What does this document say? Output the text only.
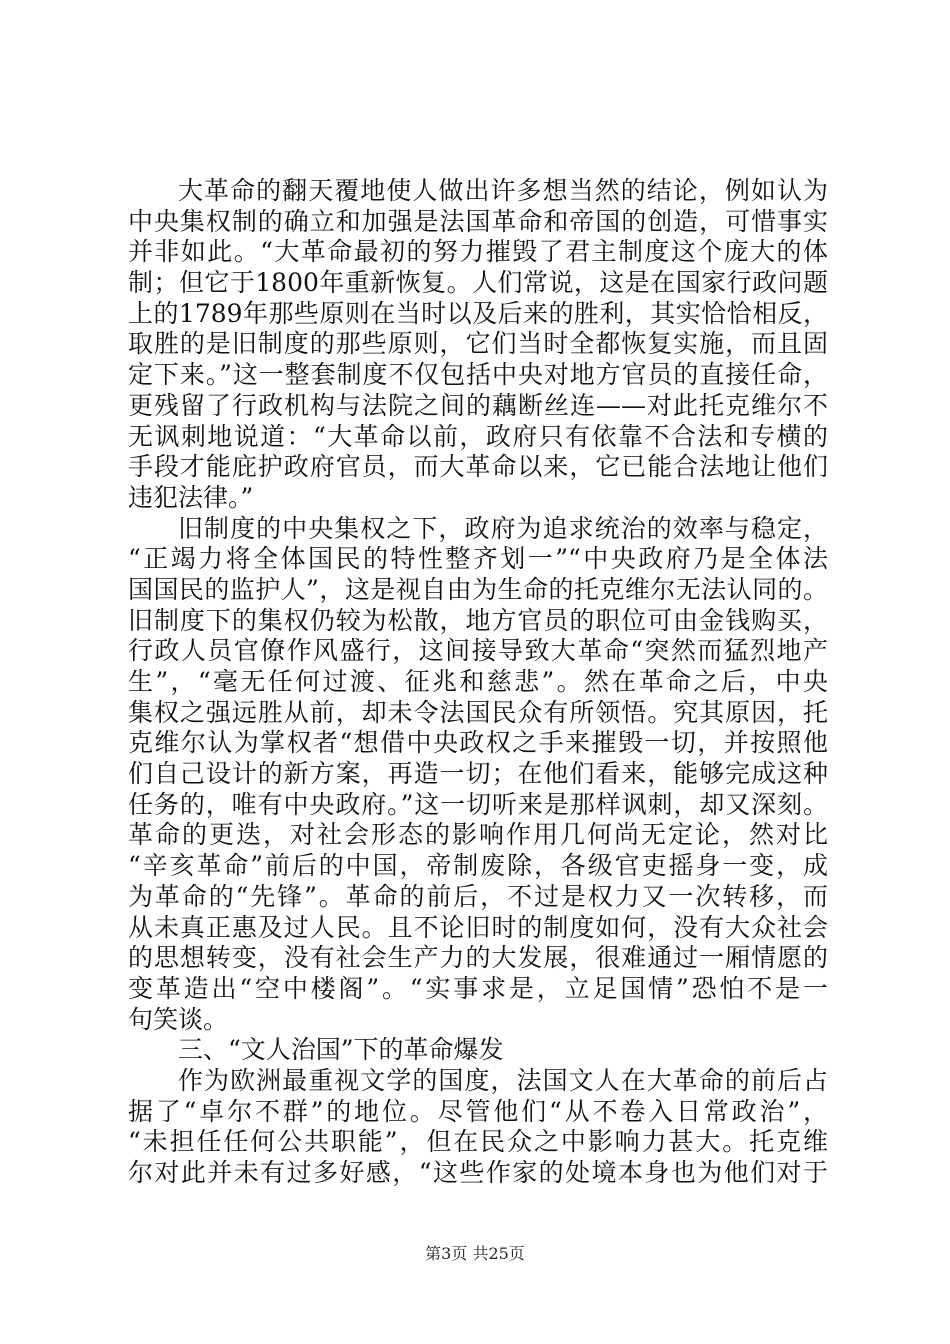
大革命的翻天覆地使人做出许多想当然的结论，例如认为
中央集权制的确立和加强是法国革命和帝国的创造，可惜事实
并非如此。“大革命最初的努力摧毁了君主制度这个庞大的体
制；但它于1800年重新恢复。人们常说，这是在国家行政问题
上的1789年那些原则在当时以及后来的胜利，其实恰恰相反，
取胜的是旧制度的那些原则，它们当时全都恢复实施，而且固
定下来。”这一整套制度不仅包括中央对地方官员的直接任命，
更残留了行政机构与法院之间的藕断丝连——对此托克维尔不
无讽刺地说道：“大革命以前，政府只有依靠不合法和专横的
手段才能庇护政府官员，而大革命以来，它已能合法地让他们
违犯法律。”
旧制度的中央集权之下，政府为追求统治的效率与稳定，
“正竭力将全体国民的特性整齐划一”“中央政府乃是全体法
国国民的监护人”，这是视自由为生命的托克维尔无法认同的。
旧制度下的集权仍较为松散，地方官员的职位可由金钱购买，
行政人员官僚作风盛行，这间接导致大革命“突然而猛烈地产
生”，“毫无任何过渡、征兆和慈悲”。然在革命之后，中央
集权之强远胜从前，却未令法国民众有所领悟。究其原因，托
克维尔认为掌权者“想借中央政权之手来摧毁一切，并按照他
们自己设计的新方案，再造一切；在他们看来，能够完成这种
任务的，唯有中央政府。”这一切听来是那样讽刺，却又深刻。
革命的更迭，对社会形态的影响作用几何尚无定论，然对比
“辛亥革命”前后的中国，帝制废除，各级官吏摇身一变，成
为革命的“先锋”。革命的前后，不过是权力又一次转移，而
从未真正惠及过人民。且不论旧时的制度如何，没有大众社会
的思想转变，没有社会生产力的大发展，很难通过一厢情愿的
变革造出“空中楼阁”。“实事求是，立足国情”恐怕不是一
句笑谈。
三、“文人治国”下的革命爆发
作为欧洲最重视文学的国度，法国文人在大革命的前后占
据了“卓尔不群”的地位。尽管他们“从不卷入日常政治”，
“未担任任何公共职能”，但在民众之中影响力甚大。托克维
尔对此并未有过多好感，“这些作家的处境本身也为他们对于
第3页 共25页
